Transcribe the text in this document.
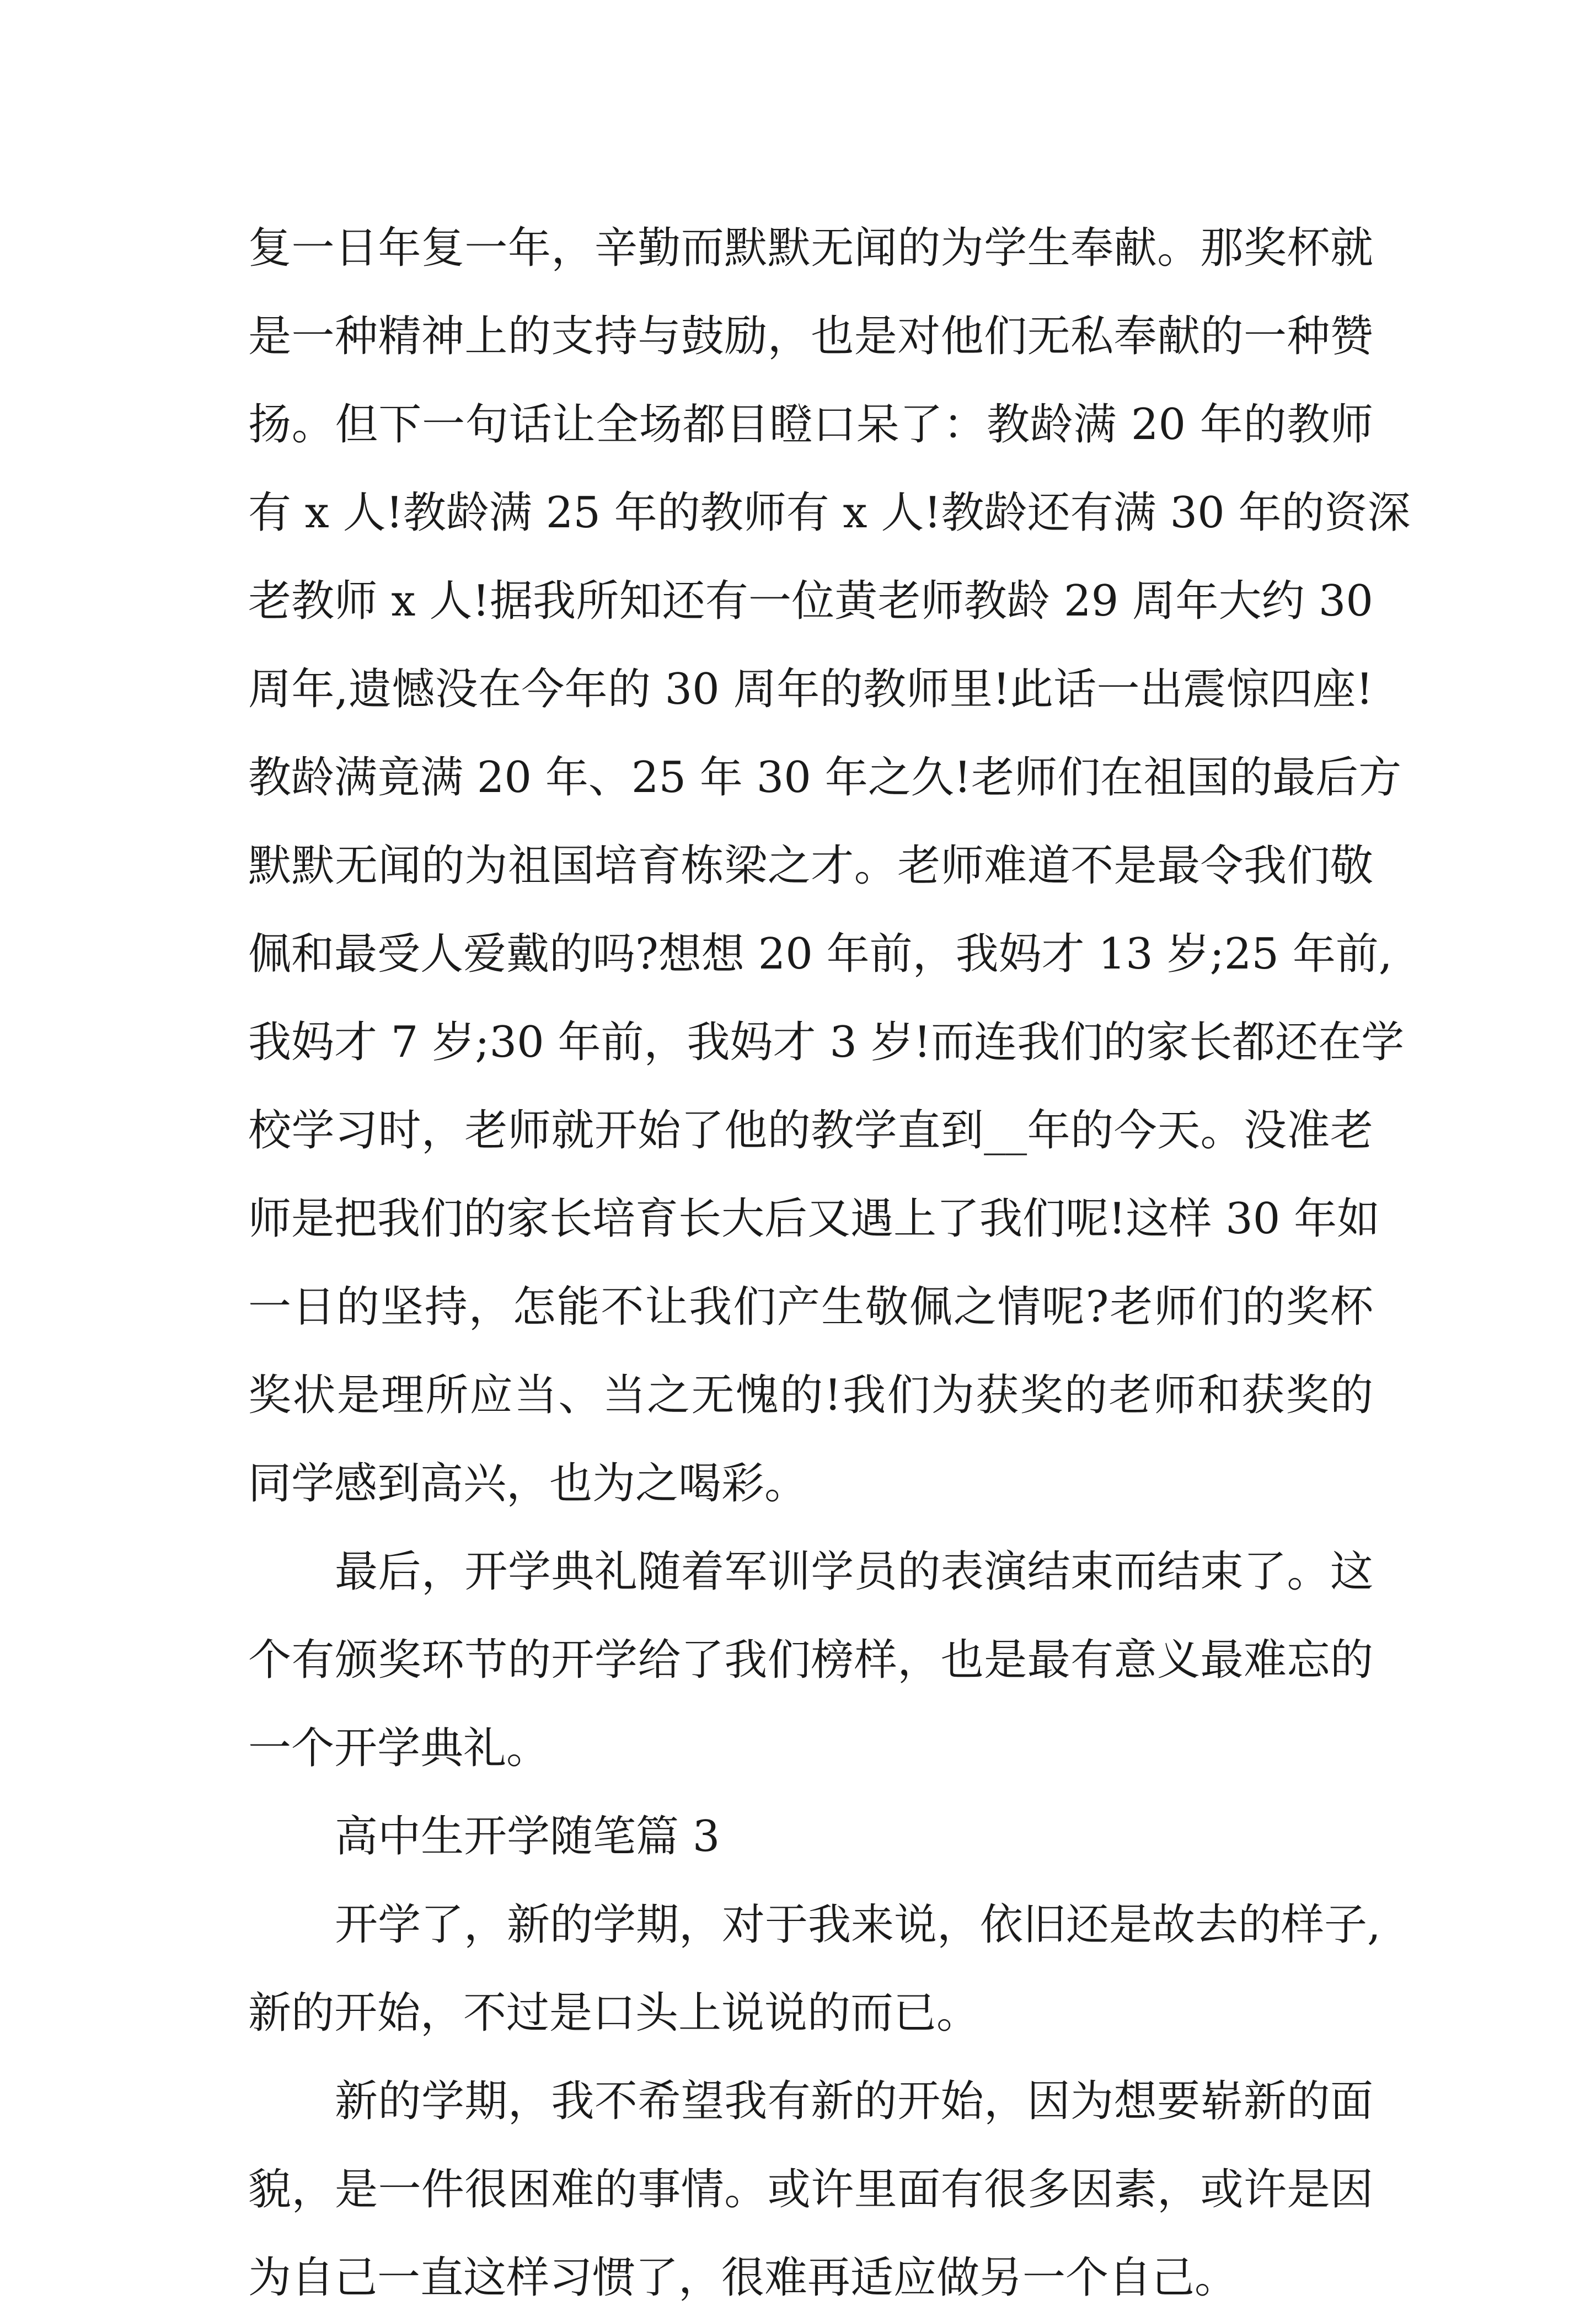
复一日年复一年，辛勤而默默无闻的为学生奉献。那奖杯就
是一种精神上的支持与鼓励，也是对他们无私奉献的一种赞
扬。但下一句话让全场都目瞪口呆了：教龄满 20 年的教师
有 x 人!教龄满 25 年的教师有 x 人!教龄还有满 30 年的资深
老教师 x 人!据我所知还有一位黄老师教龄 29 周年大约 30
周年,遗憾没在今年的 30 周年的教师里!此话一出震惊四座!
教龄满竟满 20 年、25 年 30 年之久!老师们在祖国的最后方
默默无闻的为祖国培育栋梁之才。老师难道不是最令我们敬
佩和最受人爱戴的吗?想想 20 年前，我妈才 13 岁;25 年前,
我妈才 7 岁;30 年前，我妈才 3 岁!而连我们的家长都还在学
校学习时，老师就开始了他的教学直到__年的今天。没准老
师是把我们的家长培育长大后又遇上了我们呢!这样 30 年如
一日的坚持，怎能不让我们产生敬佩之情呢?老师们的奖杯
奖状是理所应当、当之无愧的!我们为获奖的老师和获奖的
同学感到高兴，也为之喝彩。
最后，开学典礼随着军训学员的表演结束而结束了。这
个有颁奖环节的开学给了我们榜样，也是最有意义最难忘的
一个开学典礼。
高中生开学随笔篇 3
开学了，新的学期，对于我来说，依旧还是故去的样子,
新的开始，不过是口头上说说的而已。
新的学期，我不希望我有新的开始，因为想要崭新的面
貌，是一件很困难的事情。或许里面有很多因素，或许是因
为自己一直这样习惯了，很难再适应做另一个自己。
